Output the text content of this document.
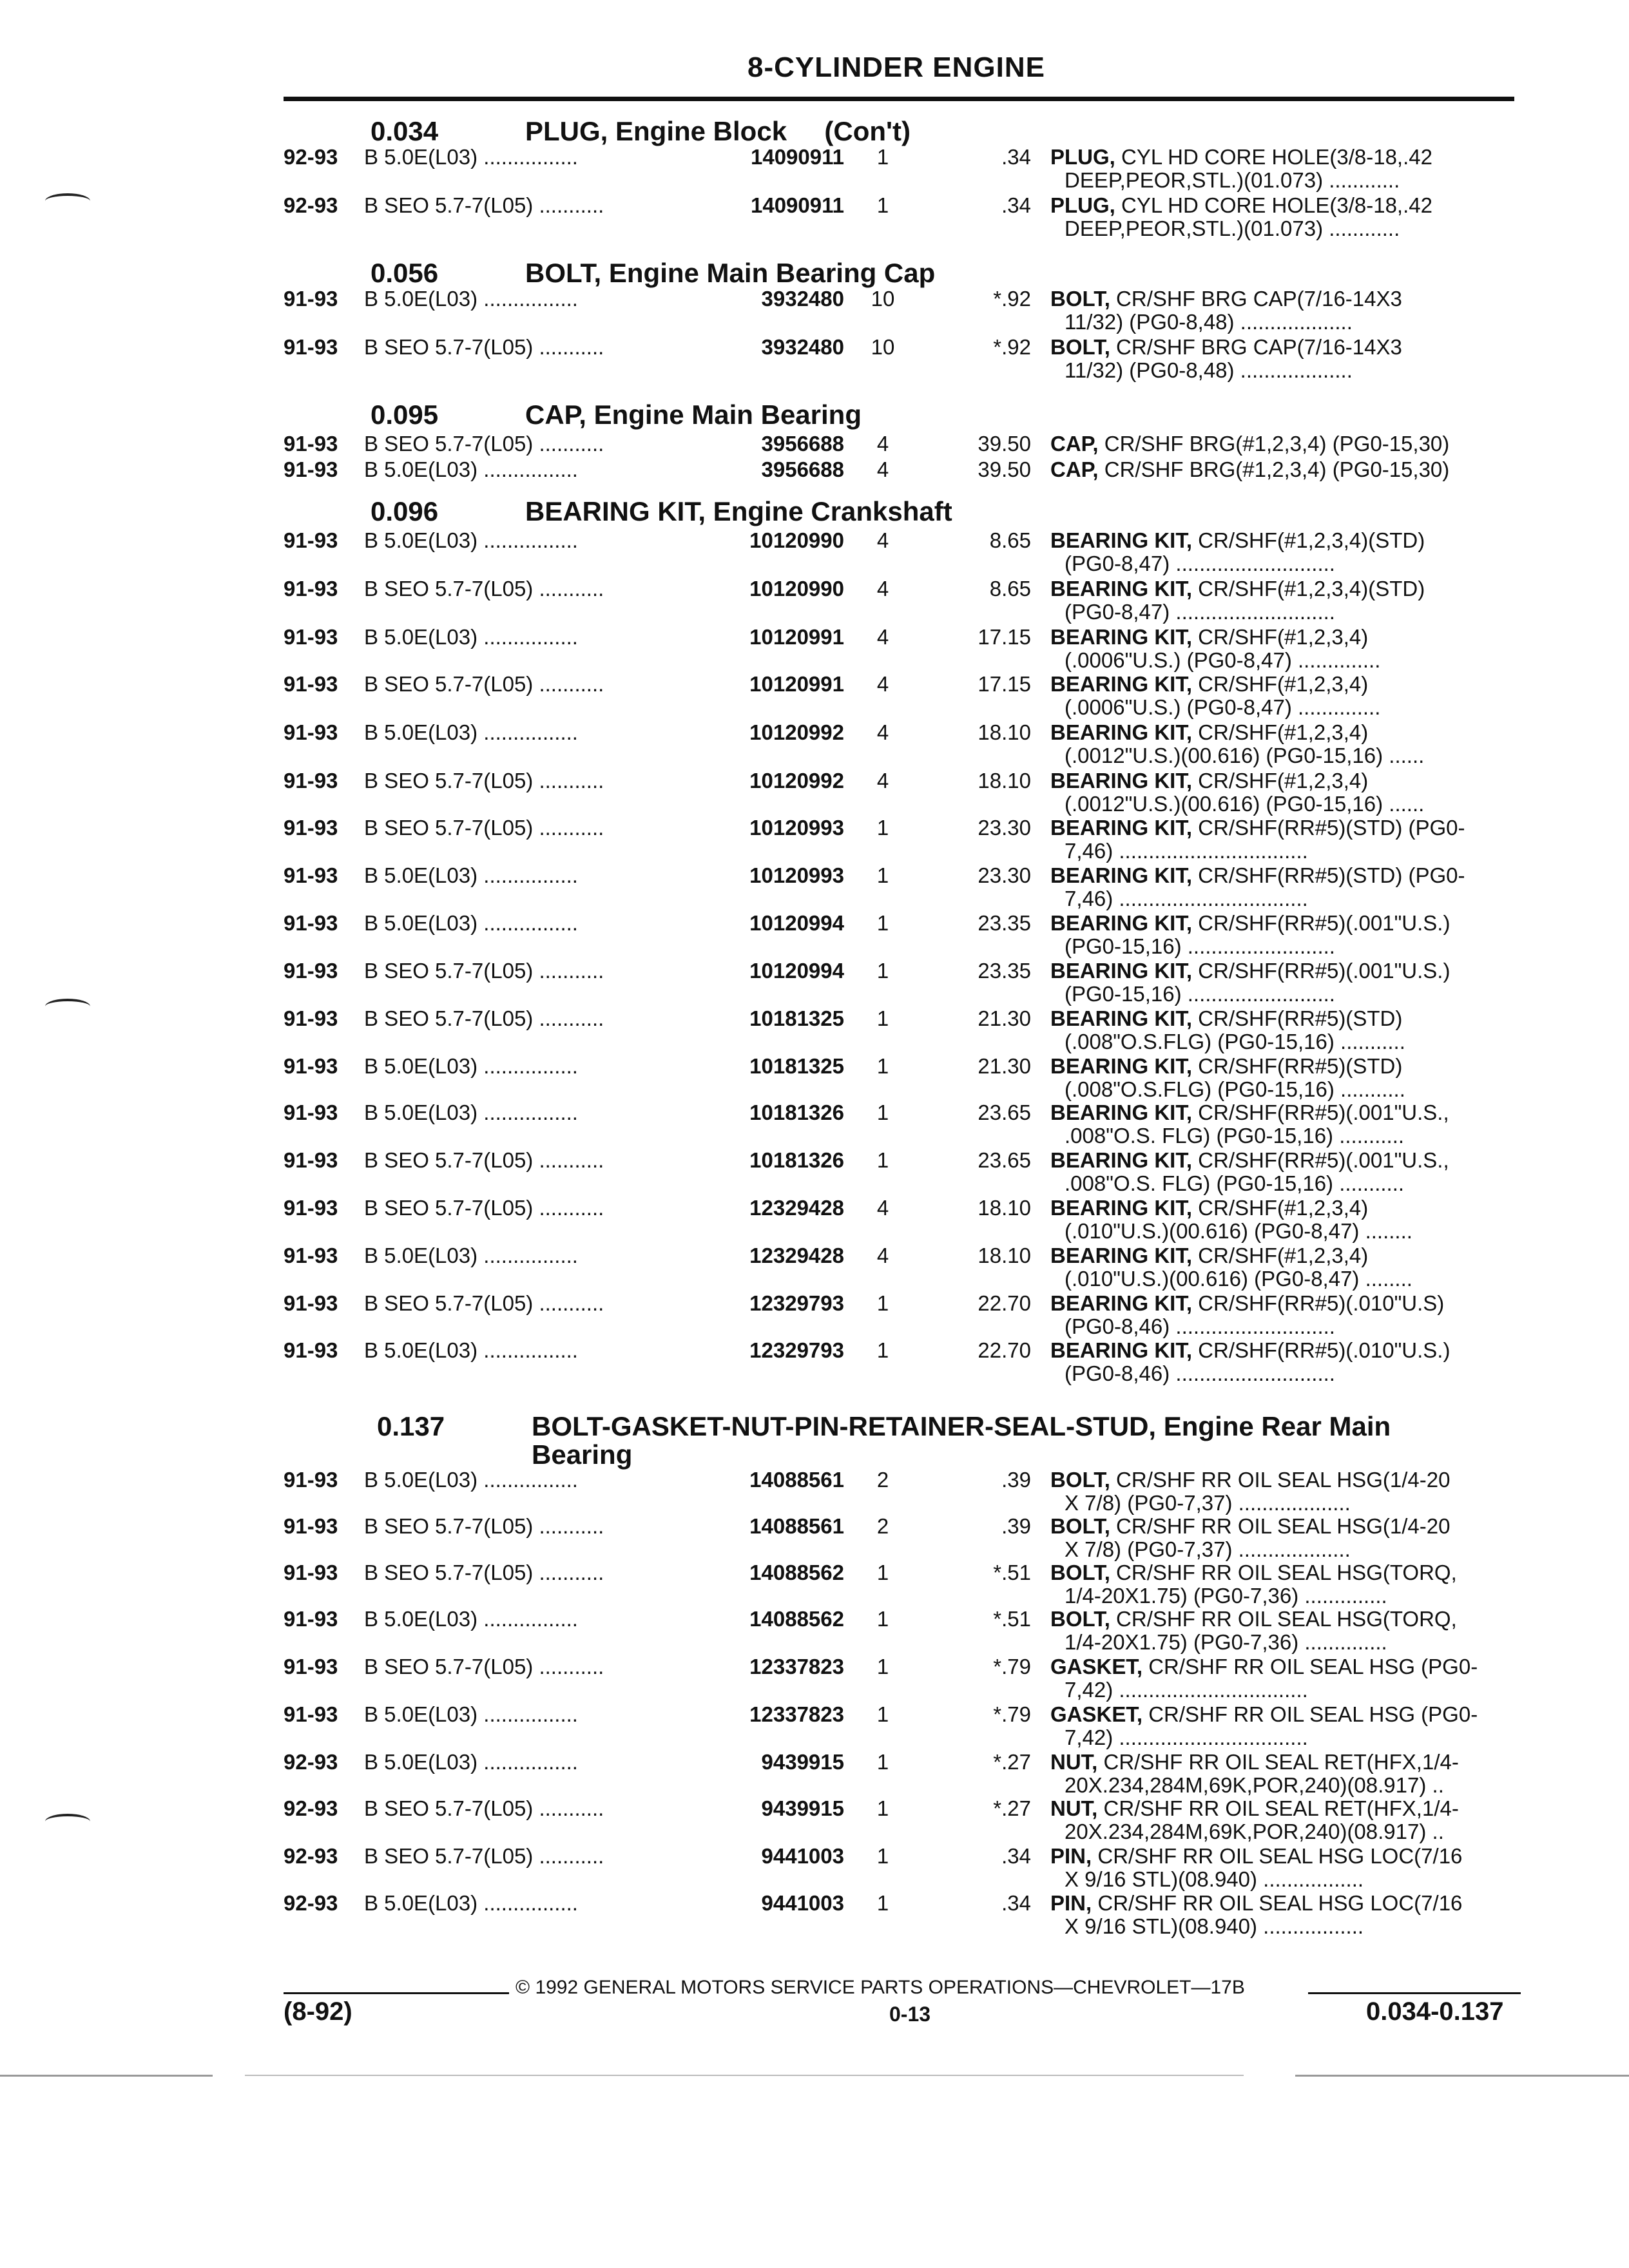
8-CYLINDER ENGINE
0.034	PLUG, Engine Block     (Con't)
92-93 B 5.0E(L03) ................	14090911	1	.34 PLUG, CYL HD CORE HOLE(3/8-18,.42
DEEP,PEOR,STL.)(01.073) ............
92-93 B SEO 5.7-7(L05) ...........	14090911	1	.34 PLUG, CYL HD CORE HOLE(3/8-18,.42
DEEP,PEOR,STL.)(01.073) ............
0.056	BOLT, Engine Main Bearing Cap
91-93 B 5.0E(L03) ................	3932480	10	*.92 BOLT, CR/SHF BRG CAP(7/16-14X3
11/32) (PG0-8,48) ...................
91-93 B SEO 5.7-7(L05) ...........	3932480	10	*.92 BOLT, CR/SHF BRG CAP(7/16-14X3
11/32) (PG0-8,48) ...................
0.095	CAP, Engine Main Bearing
91-93 B SEO 5.7-7(L05) ...........	3956688	4	39.50 CAP, CR/SHF BRG(#1,2,3,4) (PG0-15,30)
91-93 B 5.0E(L03) ................	3956688	4	39.50 CAP, CR/SHF BRG(#1,2,3,4) (PG0-15,30)
0.096	BEARING KIT, Engine Crankshaft
91-93 B 5.0E(L03) ................	10120990	4	8.65 BEARING KIT, CR/SHF(#1,2,3,4)(STD)
(PG0-8,47) ...........................
91-93 B SEO 5.7-7(L05) ...........	10120990	4	8.65 BEARING KIT, CR/SHF(#1,2,3,4)(STD)
(PG0-8,47) ...........................
91-93 B 5.0E(L03) ................	10120991	4	17.15 BEARING KIT, CR/SHF(#1,2,3,4)
(.0006"U.S.) (PG0-8,47) ..............
91-93 B SEO 5.7-7(L05) ...........	10120991	4	17.15 BEARING KIT, CR/SHF(#1,2,3,4)
(.0006"U.S.) (PG0-8,47) ..............
91-93 B 5.0E(L03) ................	10120992	4	18.10 BEARING KIT, CR/SHF(#1,2,3,4)
(.0012"U.S.)(00.616) (PG0-15,16) ......
91-93 B SEO 5.7-7(L05) ...........	10120992	4	18.10 BEARING KIT, CR/SHF(#1,2,3,4)
(.0012"U.S.)(00.616) (PG0-15,16) ......
91-93 B SEO 5.7-7(L05) ...........	10120993	1	23.30 BEARING KIT, CR/SHF(RR#5)(STD) (PG0-
7,46) ................................
91-93 B 5.0E(L03) ................	10120993	1	23.30 BEARING KIT, CR/SHF(RR#5)(STD) (PG0-
7,46) ................................
91-93 B 5.0E(L03) ................	10120994	1	23.35 BEARING KIT, CR/SHF(RR#5)(.001"U.S.)
(PG0-15,16) .........................
91-93 B SEO 5.7-7(L05) ...........	10120994	1	23.35 BEARING KIT, CR/SHF(RR#5)(.001"U.S.)
(PG0-15,16) .........................
91-93 B SEO 5.7-7(L05) ...........	10181325	1	21.30 BEARING KIT, CR/SHF(RR#5)(STD)
(.008"O.S.FLG) (PG0-15,16) ...........
91-93 B 5.0E(L03) ................	10181325	1	21.30 BEARING KIT, CR/SHF(RR#5)(STD)
(.008"O.S.FLG) (PG0-15,16) ...........
91-93 B 5.0E(L03) ................	10181326	1	23.65 BEARING KIT, CR/SHF(RR#5)(.001"U.S.,
.008"O.S. FLG) (PG0-15,16) ...........
91-93 B SEO 5.7-7(L05) ...........	10181326	1	23.65 BEARING KIT, CR/SHF(RR#5)(.001"U.S.,
.008"O.S. FLG) (PG0-15,16) ...........
91-93 B SEO 5.7-7(L05) ...........	12329428	4	18.10 BEARING KIT, CR/SHF(#1,2,3,4)
(.010"U.S.)(00.616) (PG0-8,47) ........
91-93 B 5.0E(L03) ................	12329428	4	18.10 BEARING KIT, CR/SHF(#1,2,3,4)
(.010"U.S.)(00.616) (PG0-8,47) ........
91-93 B SEO 5.7-7(L05) ...........	12329793	1	22.70 BEARING KIT, CR/SHF(RR#5)(.010"U.S)
(PG0-8,46) ...........................
91-93 B 5.0E(L03) ................	12329793	1	22.70 BEARING KIT, CR/SHF(RR#5)(.010"U.S.)
(PG0-8,46) ...........................
0.137	BOLT-GASKET-NUT-PIN-RETAINER-SEAL-STUD, Engine Rear Main
Bearing
91-93 B 5.0E(L03) ................	14088561	2	.39 BOLT, CR/SHF RR OIL SEAL HSG(1/4-20
X 7/8) (PG0-7,37) ...................
91-93 B SEO 5.7-7(L05) ...........	14088561	2	.39 BOLT, CR/SHF RR OIL SEAL HSG(1/4-20
X 7/8) (PG0-7,37) ...................
91-93 B SEO 5.7-7(L05) ...........	14088562	1	*.51 BOLT, CR/SHF RR OIL SEAL HSG(TORQ,
1/4-20X1.75) (PG0-7,36) ..............
91-93 B 5.0E(L03) ................	14088562	1	*.51 BOLT, CR/SHF RR OIL SEAL HSG(TORQ,
1/4-20X1.75) (PG0-7,36) ..............
91-93 B SEO 5.7-7(L05) ...........	12337823	1	*.79 GASKET, CR/SHF RR OIL SEAL HSG (PG0-
7,42) ................................
91-93 B 5.0E(L03) ................	12337823	1	*.79 GASKET, CR/SHF RR OIL SEAL HSG (PG0-
7,42) ................................
92-93 B 5.0E(L03) ................	9439915	1	*.27 NUT, CR/SHF RR OIL SEAL RET(HFX,1/4-
20X.234,284M,69K,POR,240)(08.917) ..
92-93 B SEO 5.7-7(L05) ...........	9439915	1	*.27 NUT, CR/SHF RR OIL SEAL RET(HFX,1/4-
20X.234,284M,69K,POR,240)(08.917) ..
92-93 B SEO 5.7-7(L05) ...........	9441003	1	.34 PIN, CR/SHF RR OIL SEAL HSG LOC(7/16
X 9/16 STL)(08.940) .................
92-93 B 5.0E(L03) ................	9441003	1	.34 PIN, CR/SHF RR OIL SEAL HSG LOC(7/16
X 9/16 STL)(08.940) .................
© 1992 GENERAL MOTORS SERVICE PARTS OPERATIONS—CHEVROLET—17B
(8-92)	0-13	0.034-0.137
